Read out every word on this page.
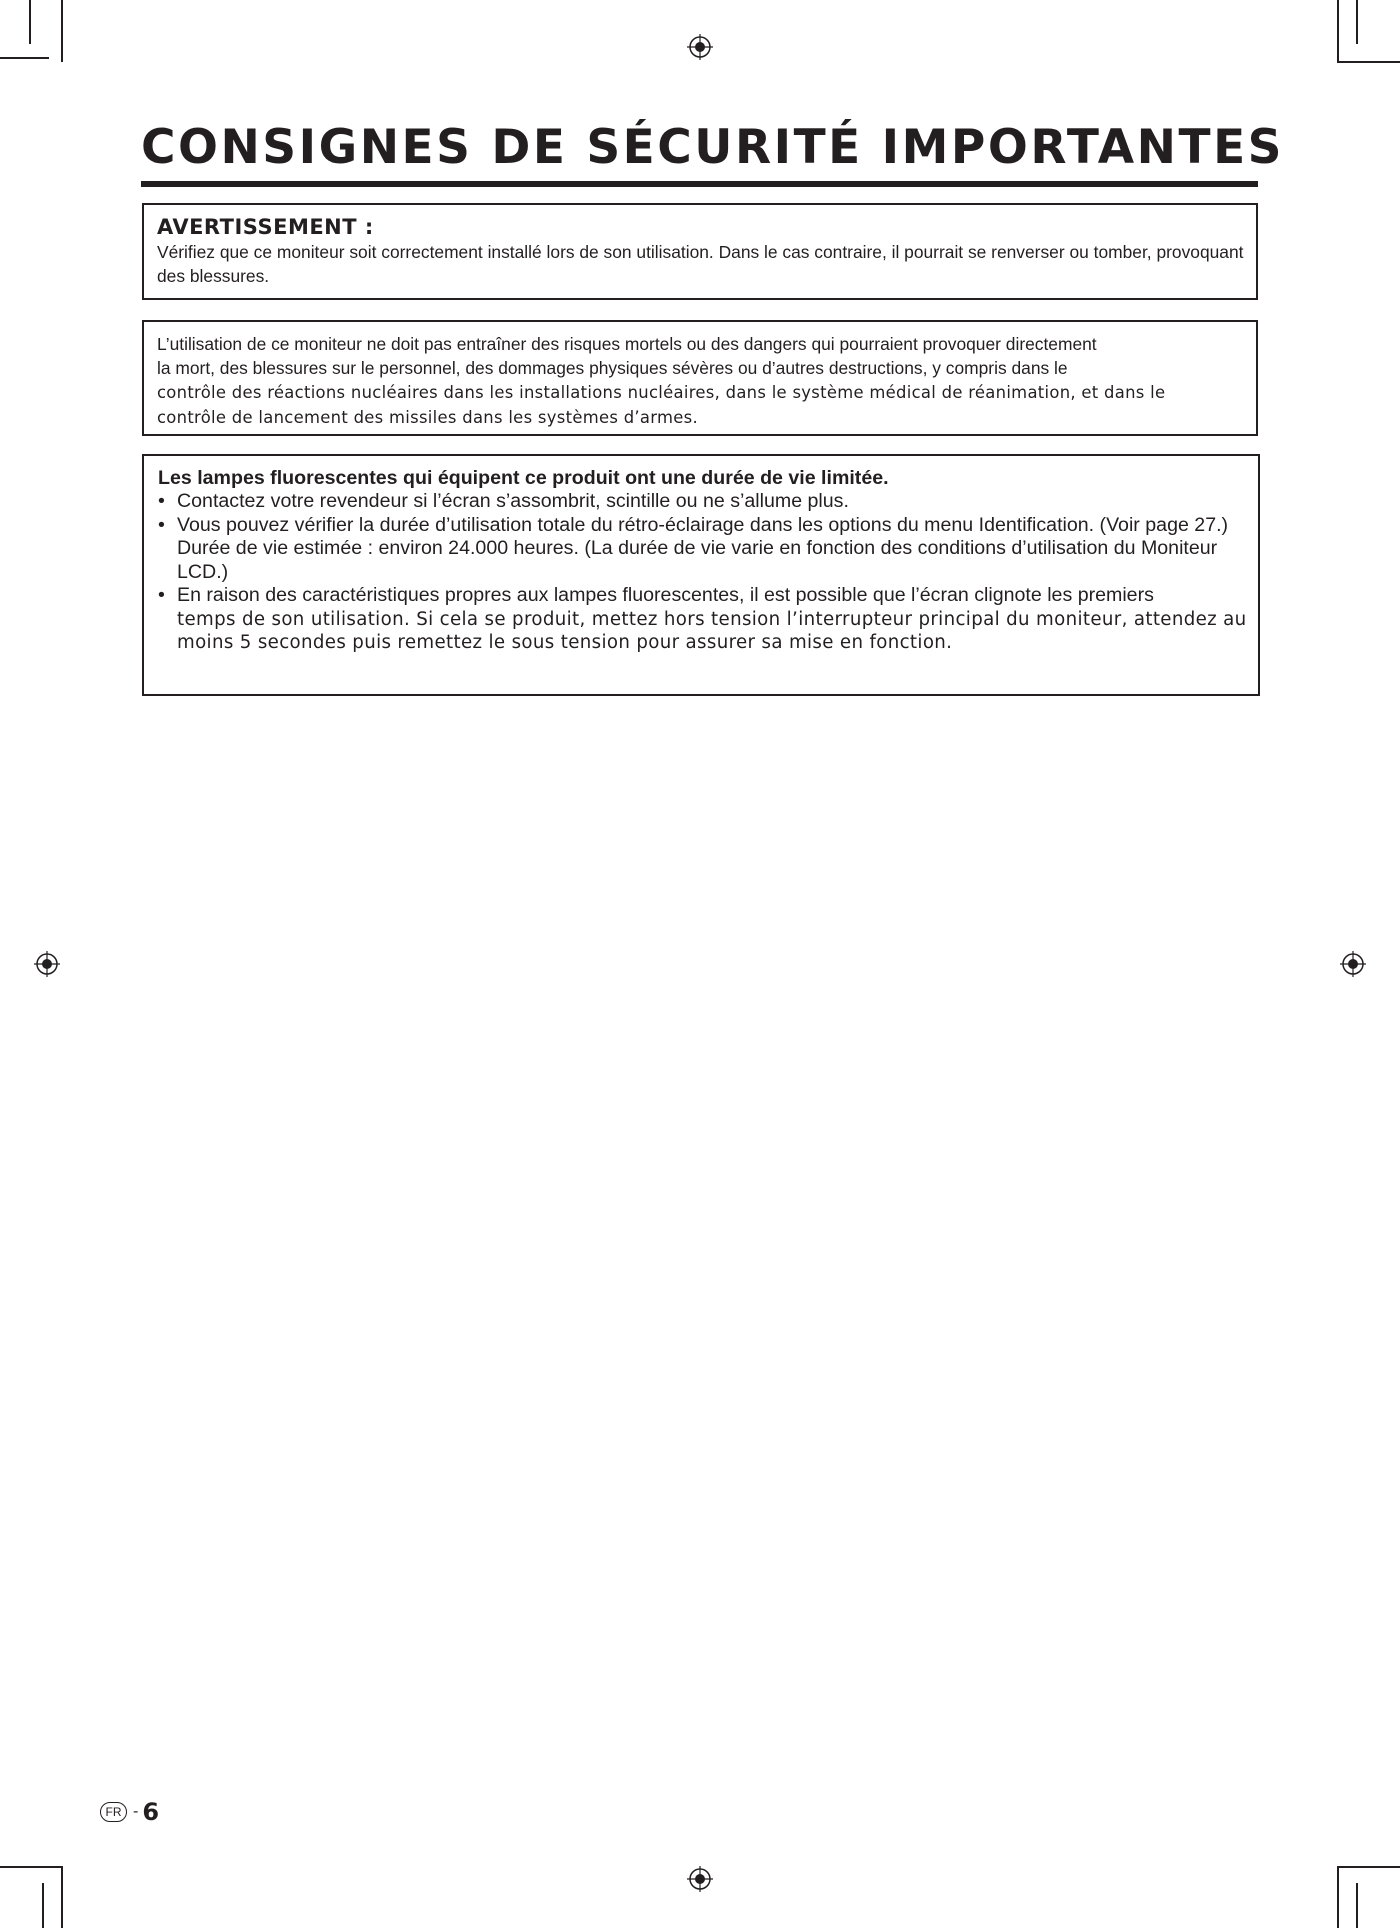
CONSIGNES DE SÉCURITÉ IMPORTANTES
AVERTISSEMENT :
Vérifiez que ce moniteur soit correctement installé lors de son utilisation. Dans le cas contraire, il pourrait se renverser ou tomber, provoquant des blessures.
L’utilisation de ce moniteur ne doit pas entraîner des risques mortels ou des dangers qui pourraient provoquer directement
la mort, des blessures sur le personnel, des dommages physiques sévères ou d’autres destructions, y compris dans le
contrôle des réactions nucléaires dans les installations nucléaires, dans le système médical de réanimation, et dans le
contrôle de lancement des missiles dans les systèmes d’armes.
Les lampes fluorescentes qui équipent ce produit ont une durée de vie limitée.
• Contactez votre revendeur si l’écran s’assombrit, scintille ou ne s’allume plus.
• Vous pouvez vérifier la durée d’utilisation totale du rétro-éclairage dans les options du menu Identification. (Voir page 27.)
Durée de vie estimée : environ 24.000 heures. (La durée de vie varie en fonction des conditions d’utilisation du Moniteur LCD.)
• En raison des caractéristiques propres aux lampes fluorescentes, il est possible que l’écran clignote les premiers
temps de son utilisation. Si cela se produit, mettez hors tension l’interrupteur principal du moniteur, attendez au moins 5 secondes puis remettez le sous tension pour assurer sa mise en fonction.
FR - 6
